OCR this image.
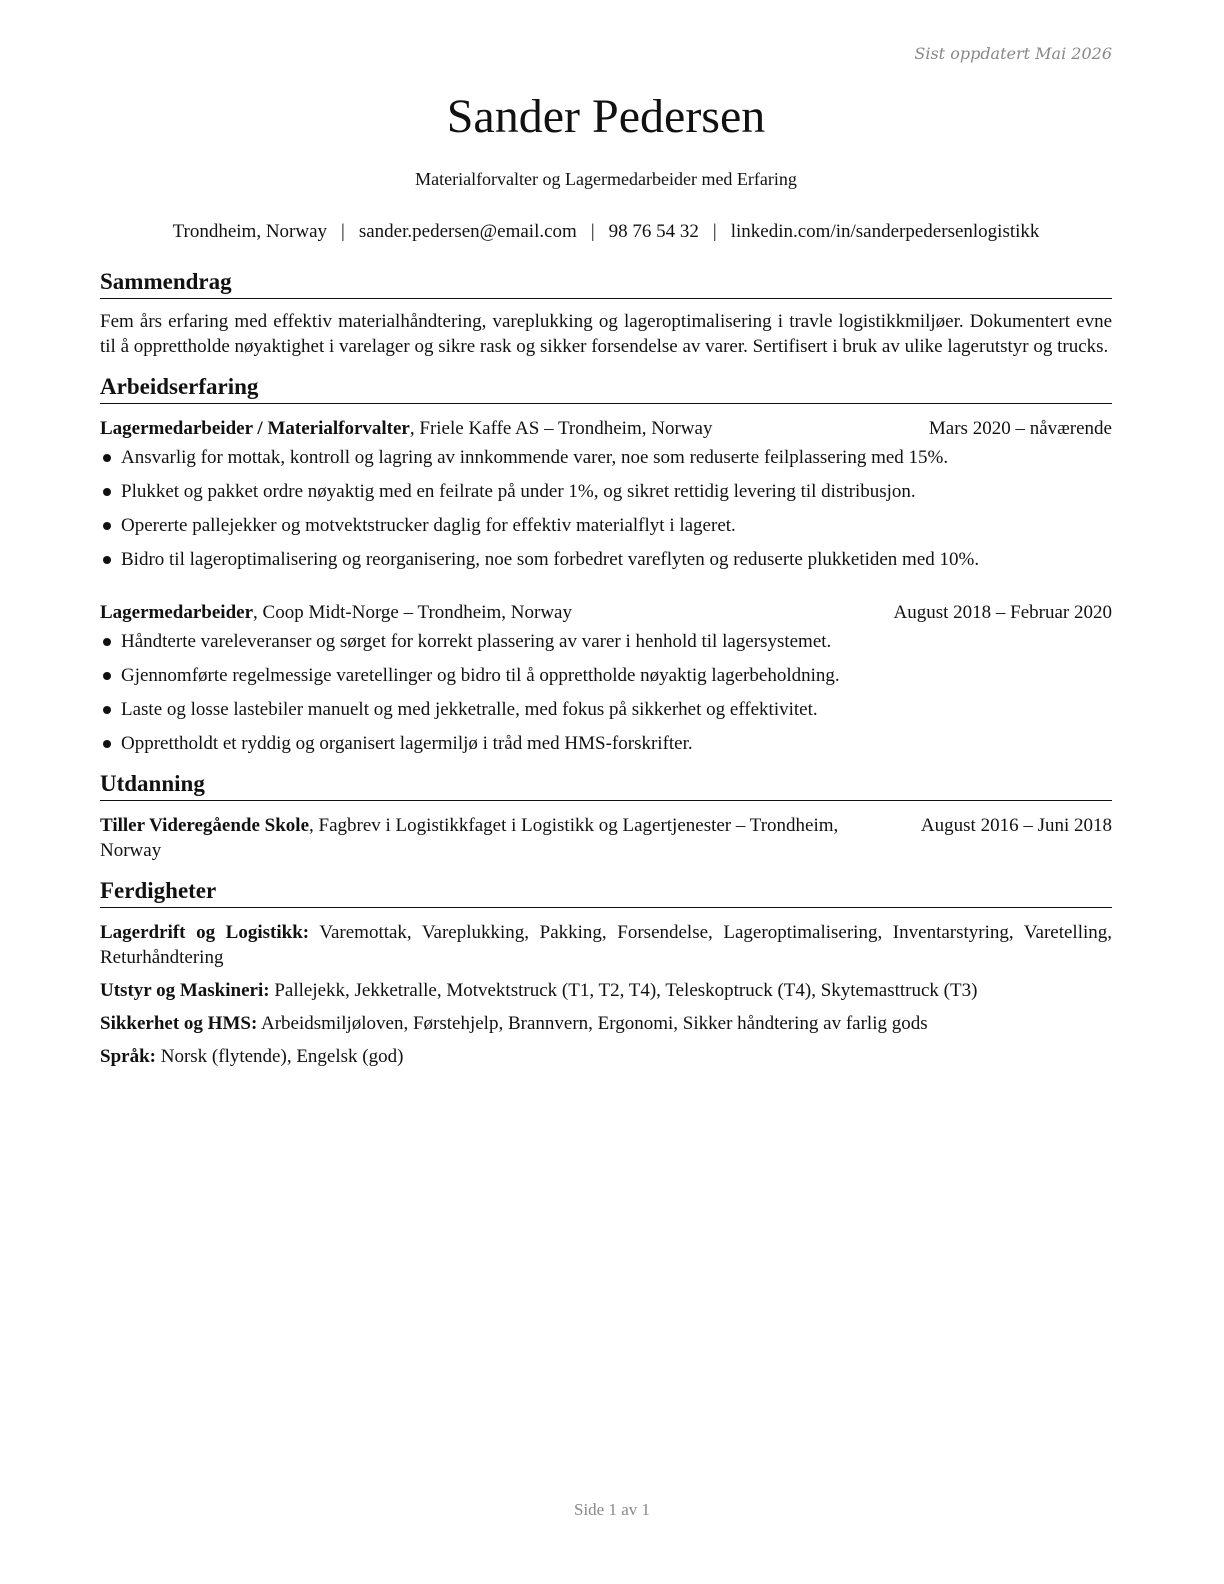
Sist oppdatert Mai 2026
Sander Pedersen
Materialforvalter og Lagermedarbeider med Erfaring
Trondheim, Norway | sander.pedersen@email.com | 98 76 54 32 | linkedin.com/in/sanderpedersenlogistikk
Sammendrag

Fem års erfaring med effektiv materialhåndtering, vareplukking og lageroptimalisering i travle logistikkmiljøer. Dokumentert evne til å opprettholde nøyaktighet i varelager og sikre rask og sikker forsendelse av varer. Sertifisert i bruk av ulike lagerutstyr og trucks.

Arbeidserfaring
Lagermedarbeider / Materialforvalter, Friele Kaffe AS – Trondheim, Norway	Mars 2020 – nåværende
Ansvarlig for mottak, kontroll og lagring av innkommende varer, noe som reduserte feilplassering med 15%.
Plukket og pakket ordre nøyaktig med en feilrate på under 1%, og sikret rettidig levering til distribusjon.
Opererte pallejekker og motvektstrucker daglig for effektiv materialflyt i lageret.
Bidro til lageroptimalisering og reorganisering, noe som forbedret vareflyten og reduserte plukketiden med 10%.
Lagermedarbeider, Coop Midt-Norge – Trondheim, Norway	August 2018 – Februar 2020
Håndterte vareleveranser og sørget for korrekt plassering av varer i henhold til lagersystemet.
Gjennomførte regelmessige varetellinger og bidro til å opprettholde nøyaktig lagerbeholdning.
Laste og losse lastebiler manuelt og med jekketralle, med fokus på sikkerhet og effektivitet.
Opprettholdt et ryddig og organisert lagermiljø i tråd med HMS-forskrifter.
Utdanning
Tiller Videregående Skole, Fagbrev i Logistikkfaget i Logistikk og Lagertjenester – Trondheim, Norway
August 2016 – Juni 2018
Ferdigheter
Lagerdrift og Logistikk: Varemottak, Vareplukking, Pakking, Forsendelse, Lageroptimalisering, Inventarstyring, Varetelling, Returhåndtering
Utstyr og Maskineri: Pallejekk, Jekketralle, Motvektstruck (T1, T2, T4), Teleskoptruck (T4), Skytemasttruck (T3)
Sikkerhet og HMS: Arbeidsmiljøloven, Førstehjelp, Brannvern, Ergonomi, Sikker håndtering av farlig gods
Språk: Norsk (flytende), Engelsk (god)
Side 1 av 1
